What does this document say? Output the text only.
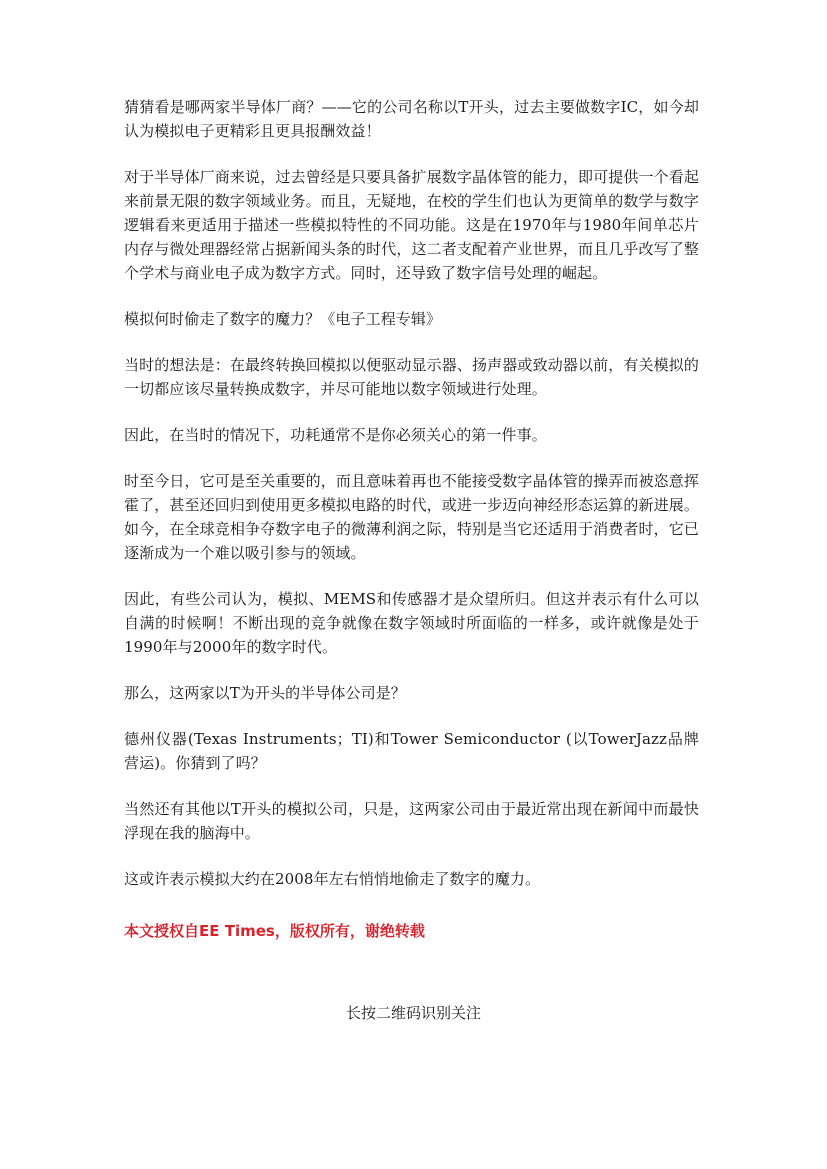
猜猜看是哪两家半导体厂商？——它的公司名称以T开头，过去主要做数字IC，如今却认为模拟电子更精彩且更具报酬效益！

对于半导体厂商来说，过去曾经是只要具备扩展数字晶体管的能力，即可提供一个看起来前景无限的数字领域业务。而且，无疑地，在校的学生们也认为更简单的数学与数字逻辑看来更适用于描述一些模拟特性的不同功能。这是在1970年与1980年间单芯片内存与微处理器经常占据新闻头条的时代，这二者支配着产业世界，而且几乎改写了整个学术与商业电子成为数字方式。同时，还导致了数字信号处理的崛起。

模拟何时偷走了数字的魔力？《电子工程专辑》

当时的想法是：在最终转换回模拟以便驱动显示器、扬声器或致动器以前，有关模拟的一切都应该尽量转换成数字，并尽可能地以数字领域进行处理。

因此，在当时的情况下，功耗通常不是你必须关心的第一件事。

时至今日，它可是至关重要的，而且意味着再也不能接受数字晶体管的操弄而被恣意挥霍了，甚至还回归到使用更多模拟电路的时代，或进一步迈向神经形态运算的新进展。如今，在全球竞相争夺数字电子的微薄利润之际，特别是当它还适用于消费者时，它已逐渐成为一个难以吸引参与的领域。

因此，有些公司认为，模拟、MEMS和传感器才是众望所归。但这并表示有什么可以自满的时候啊！不断出现的竞争就像在数字领域时所面临的一样多，或许就像是处于1990年与2000年的数字时代。

那么，这两家以T为开头的半导体公司是？

德州仪器(Texas Instruments；TI)和Tower Semiconductor (以TowerJazz品牌营运)。你猜到了吗？

当然还有其他以T开头的模拟公司，只是，这两家公司由于最近常出现在新闻中而最快浮现在我的脑海中。

这或许表示模拟大约在2008年左右悄悄地偷走了数字的魔力。

本文授权自EE Times，版权所有，谢绝转载
长按二维码识别关注
